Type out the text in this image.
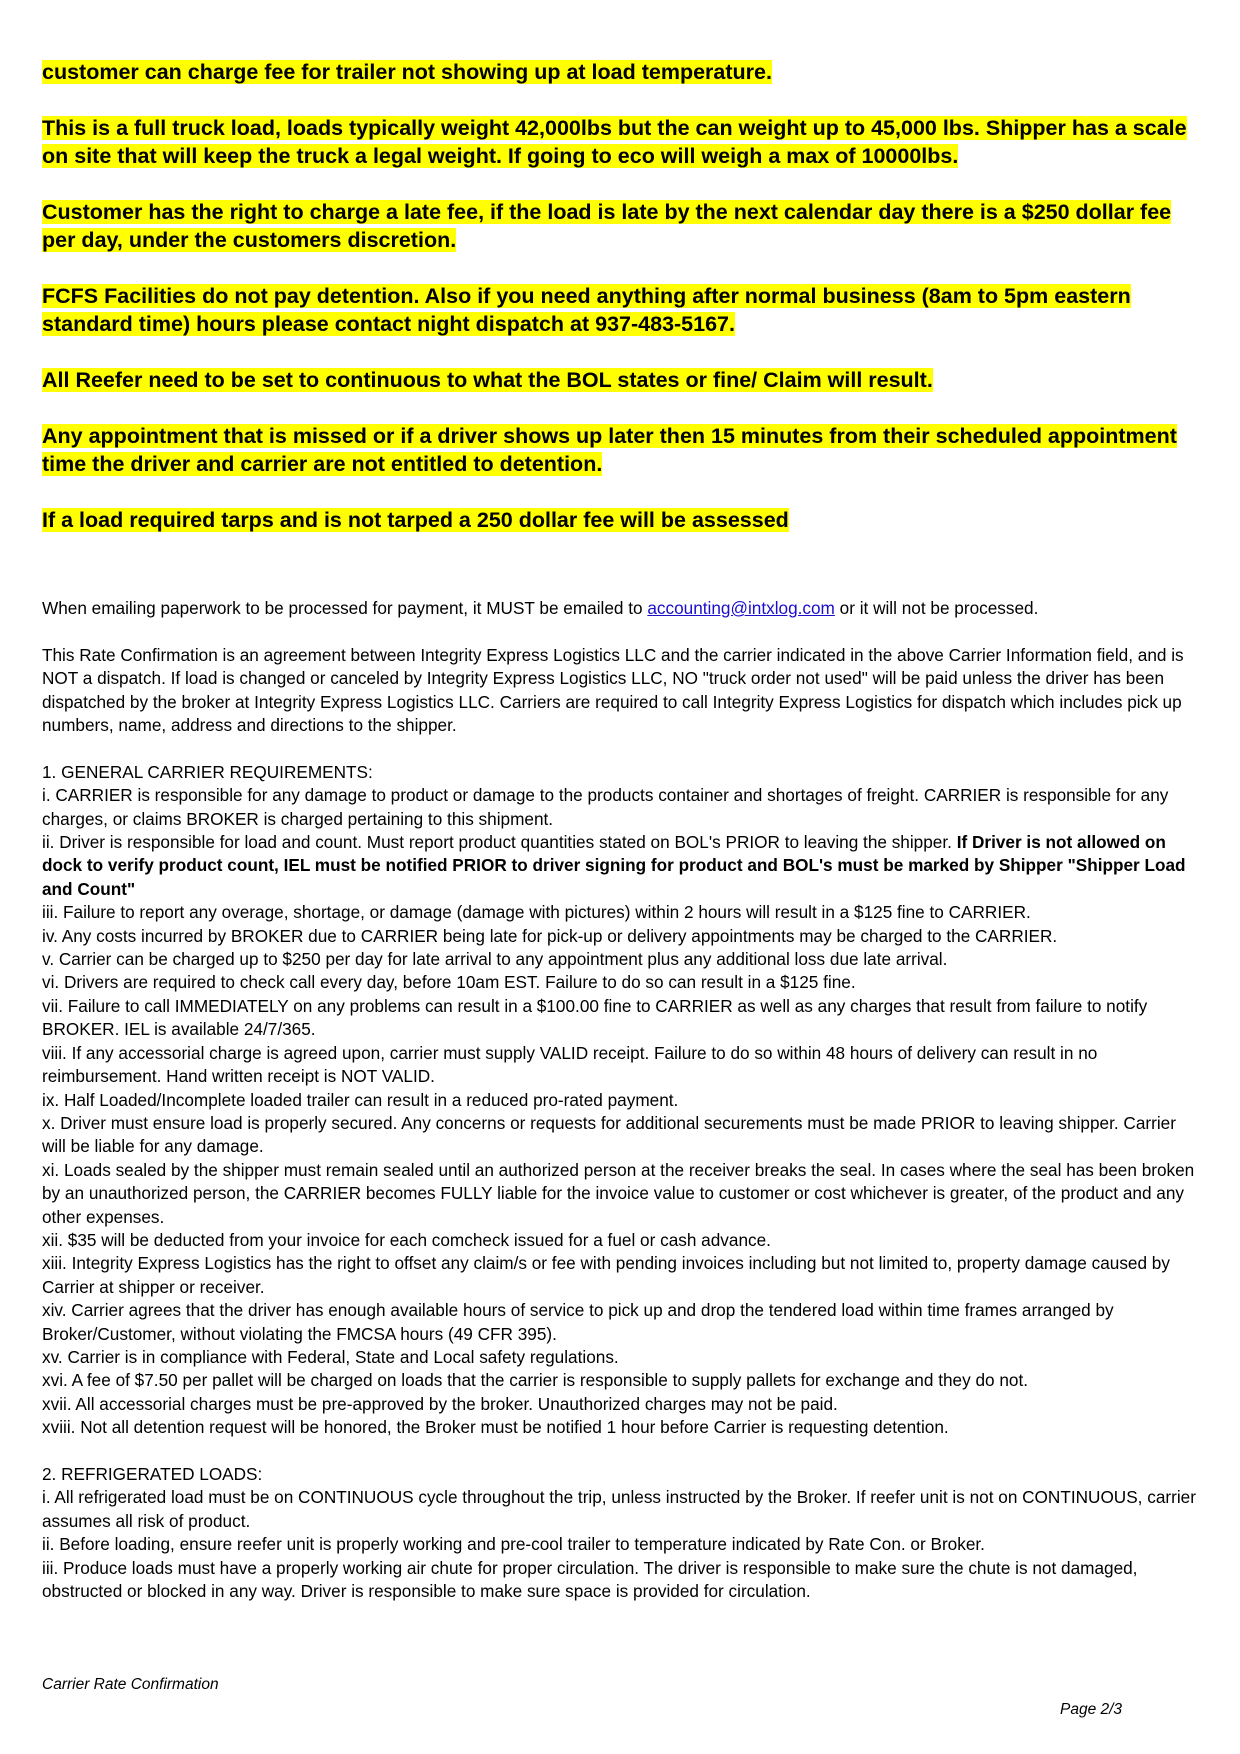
customer can charge fee for trailer not showing up at load temperature.

This is a full truck load, loads typically weight 42,000lbs but the can weight up to 45,000 lbs. Shipper has a scale on site that will keep the truck a legal weight. If going to eco will weigh a max of 10000lbs.

Customer has the right to charge a late fee, if the load is late by the next calendar day there is a $250 dollar fee per day, under the customers discretion.

FCFS Facilities do not pay detention. Also if you need anything after normal business (8am to 5pm eastern standard time) hours please contact night dispatch at 937-483-5167.

All Reefer need to be set to continuous to what the BOL states or fine/ Claim will result.

Any appointment that is missed or if a driver shows up later then 15 minutes from their scheduled appointment time the driver and carrier are not entitled to detention.

If a load required tarps and is not tarped a 250 dollar fee will be assessed

When emailing paperwork to be processed for payment, it MUST be emailed to accounting@intxlog.com or it will not be processed.

This Rate Confirmation is an agreement between Integrity Express Logistics LLC and the carrier indicated in the above Carrier Information field, and is NOT a dispatch. If load is changed or canceled by Integrity Express Logistics LLC, NO "truck order not used" will be paid unless the driver has been dispatched by the broker at Integrity Express Logistics LLC. Carriers are required to call Integrity Express Logistics for dispatch which includes pick up numbers, name, address and directions to the shipper.

1. GENERAL CARRIER REQUIREMENTS:

i. CARRIER is responsible for any damage to product or damage to the products container and shortages of freight. CARRIER is responsible for any charges, or claims BROKER is charged pertaining to this shipment.

ii. Driver is responsible for load and count. Must report product quantities stated on BOL's PRIOR to leaving the shipper. If Driver is not allowed on dock to verify product count, IEL must be notified PRIOR to driver signing for product and BOL's must be marked by Shipper "Shipper Load and Count"

iii. Failure to report any overage, shortage, or damage (damage with pictures) within 2 hours will result in a $125 fine to CARRIER.

iv. Any costs incurred by BROKER due to CARRIER being late for pick-up or delivery appointments may be charged to the CARRIER.

v. Carrier can be charged up to $250 per day for late arrival to any appointment plus any additional loss due late arrival.

vi. Drivers are required to check call every day, before 10am EST. Failure to do so can result in a $125 fine.

vii. Failure to call IMMEDIATELY on any problems can result in a $100.00 fine to CARRIER as well as any charges that result from failure to notify BROKER. IEL is available 24/7/365.

viii. If any accessorial charge is agreed upon, carrier must supply VALID receipt. Failure to do so within 48 hours of delivery can result in no reimbursement. Hand written receipt is NOT VALID.

ix. Half Loaded/Incomplete loaded trailer can result in a reduced pro-rated payment.

x. Driver must ensure load is properly secured. Any concerns or requests for additional securements must be made PRIOR to leaving shipper. Carrier will be liable for any damage.

xi. Loads sealed by the shipper must remain sealed until an authorized person at the receiver breaks the seal. In cases where the seal has been broken by an unauthorized person, the CARRIER becomes FULLY liable for the invoice value to customer or cost whichever is greater, of the product and any other expenses.

xii. $35 will be deducted from your invoice for each comcheck issued for a fuel or cash advance.

xiii. Integrity Express Logistics has the right to offset any claim/s or fee with pending invoices including but not limited to, property damage caused by Carrier at shipper or receiver.

xiv. Carrier agrees that the driver has enough available hours of service to pick up and drop the tendered load within time frames arranged by Broker/Customer, without violating the FMCSA hours (49 CFR 395).

xv. Carrier is in compliance with Federal, State and Local safety regulations.

xvi. A fee of $7.50 per pallet will be charged on loads that the carrier is responsible to supply pallets for exchange and they do not.

xvii. All accessorial charges must be pre-approved by the broker. Unauthorized charges may not be paid.

xviii. Not all detention request will be honored, the Broker must be notified 1 hour before Carrier is requesting detention.

2. REFRIGERATED LOADS:

i. All refrigerated load must be on CONTINUOUS cycle throughout the trip, unless instructed by the Broker. If reefer unit is not on CONTINUOUS, carrier assumes all risk of product.

ii. Before loading, ensure reefer unit is properly working and pre-cool trailer to temperature indicated by Rate Con. or Broker.

iii. Produce loads must have a properly working air chute for proper circulation. The driver is responsible to make sure the chute is not damaged, obstructed or blocked in any way. Driver is responsible to make sure space is provided for circulation.

Carrier Rate Confirmation
Page 2/3
